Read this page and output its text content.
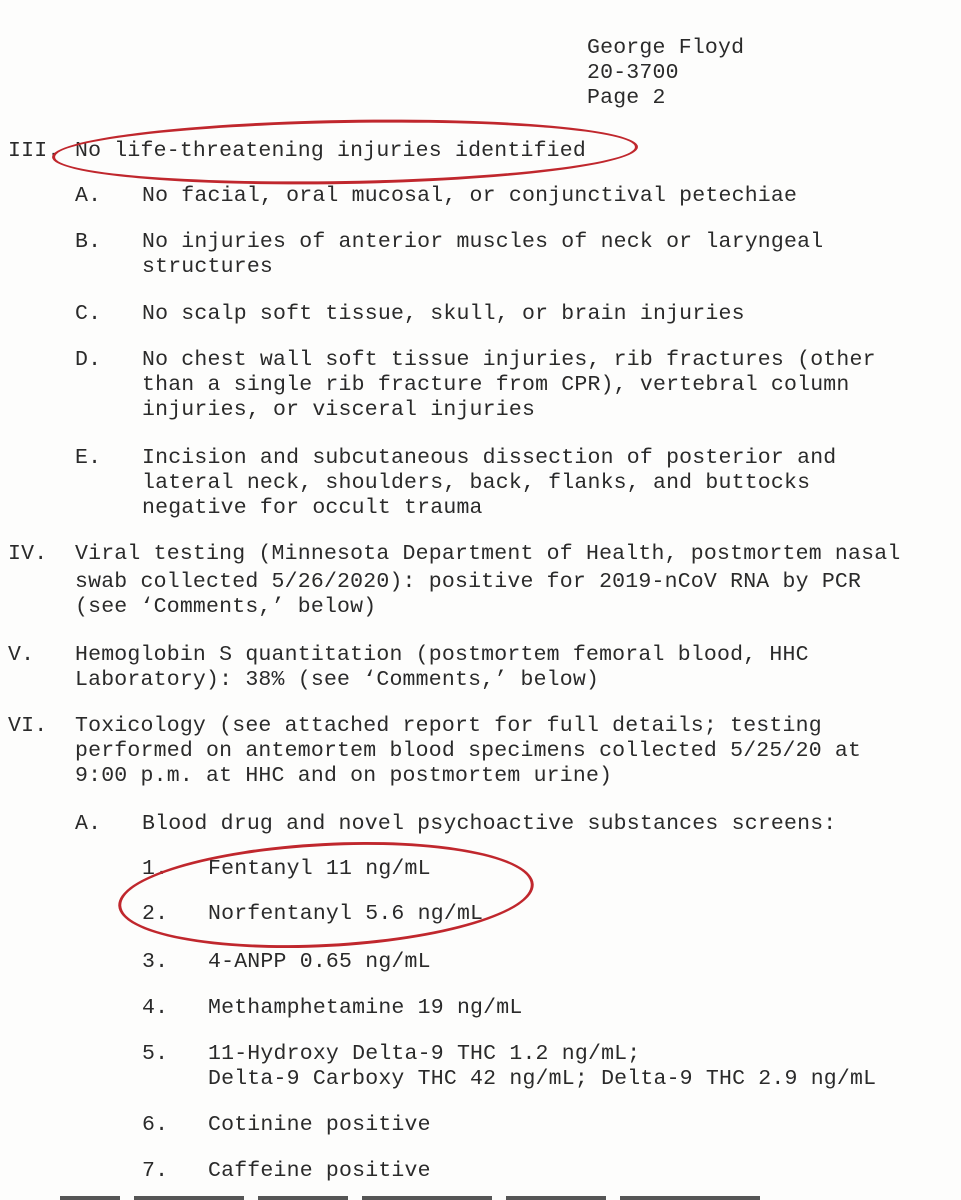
George Floyd
20-3700
Page 2
III. No life-threatening injuries identified
A. No facial, oral mucosal, or conjunctival petechiae
B. No injuries of anterior muscles of neck or laryngeal
structures
C. No scalp soft tissue, skull, or brain injuries
D. No chest wall soft tissue injuries, rib fractures (other
than a single rib fracture from CPR), vertebral column
injuries, or visceral injuries
E. Incision and subcutaneous dissection of posterior and
lateral neck, shoulders, back, flanks, and buttocks
negative for occult trauma
IV. Viral testing (Minnesota Department of Health, postmortem nasal
swab collected 5/26/2020): positive for 2019-nCoV RNA by PCR
(see ‘Comments,’ below)
V. Hemoglobin S quantitation (postmortem femoral blood, HHC
Laboratory): 38% (see ‘Comments,’ below)
VI. Toxicology (see attached report for full details; testing
performed on antemortem blood specimens collected 5/25/20 at
9:00 p.m. at HHC and on postmortem urine)
A. Blood drug and novel psychoactive substances screens:
1. Fentanyl 11 ng/mL
2. Norfentanyl 5.6 ng/mL
3. 4-ANPP 0.65 ng/mL
4. Methamphetamine 19 ng/mL
5. 11-Hydroxy Delta-9 THC 1.2 ng/mL;
Delta-9 Carboxy THC 42 ng/mL; Delta-9 THC 2.9 ng/mL
6. Cotinine positive
7. Caffeine positive
